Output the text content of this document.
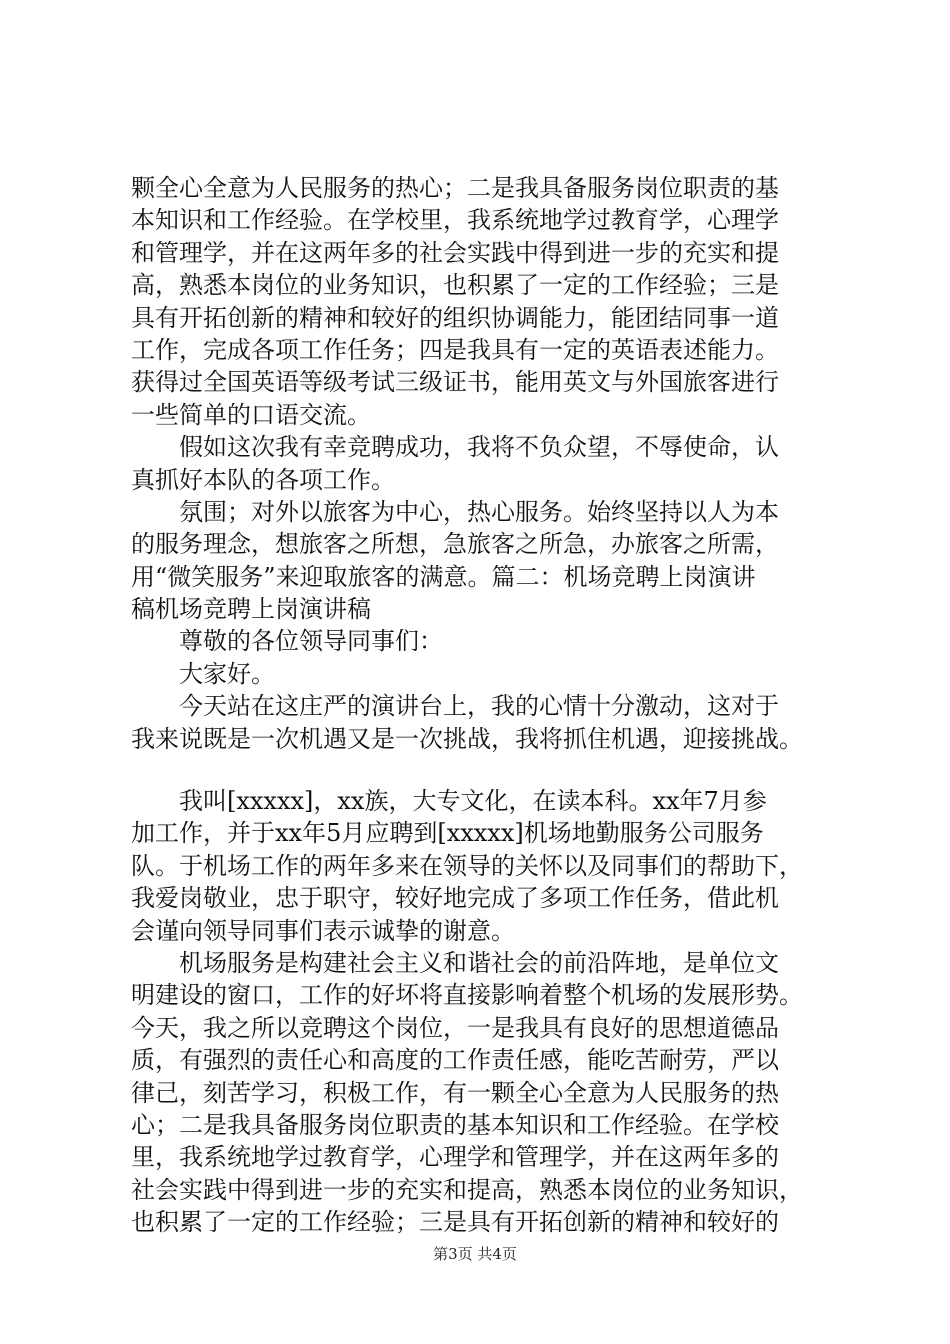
颗全心全意为人民服务的热心；二是我具备服务岗位职责的基
本知识和工作经验。在学校里，我系统地学过教育学，心理学
和管理学，并在这两年多的社会实践中得到进一步的充实和提
高，熟悉本岗位的业务知识，也积累了一定的工作经验；三是
具有开拓创新的精神和较好的组织协调能力，能团结同事一道
工作，完成各项工作任务；四是我具有一定的英语表述能力。
获得过全国英语等级考试三级证书，能用英文与外国旅客进行
一些简单的口语交流。
　　假如这次我有幸竞聘成功，我将不负众望，不辱使命，认
真抓好本队的各项工作。
　　氛围；对外以旅客为中心，热心服务。始终坚持以人为本
的服务理念，想旅客之所想，急旅客之所急，办旅客之所需，
用“微笑服务”来迎取旅客的满意。篇二：机场竞聘上岗演讲
稿机场竞聘上岗演讲稿
　　尊敬的各位领导同事们：
　　大家好。
　　今天站在这庄严的演讲台上，我的心情十分激动，这对于
我来说既是一次机遇又是一次挑战，我将抓住机遇，迎接挑战。
　　我叫[xxxxx]，xx族，大专文化，在读本科。xx年7月参
加工作，并于xx年5月应聘到[xxxxx]机场地勤服务公司服务
队。于机场工作的两年多来在领导的关怀以及同事们的帮助下，
我爱岗敬业，忠于职守，较好地完成了多项工作任务，借此机
会谨向领导同事们表示诚挚的谢意。
　　机场服务是构建社会主义和谐社会的前沿阵地，是单位文
明建设的窗口，工作的好坏将直接影响着整个机场的发展形势。
今天，我之所以竞聘这个岗位，一是我具有良好的思想道德品
质，有强烈的责任心和高度的工作责任感，能吃苦耐劳，严以
律己，刻苦学习，积极工作，有一颗全心全意为人民服务的热
心；二是我具备服务岗位职责的基本知识和工作经验。在学校
里，我系统地学过教育学，心理学和管理学，并在这两年多的
社会实践中得到进一步的充实和提高，熟悉本岗位的业务知识，
也积累了一定的工作经验；三是具有开拓创新的精神和较好的
第3页 共4页
